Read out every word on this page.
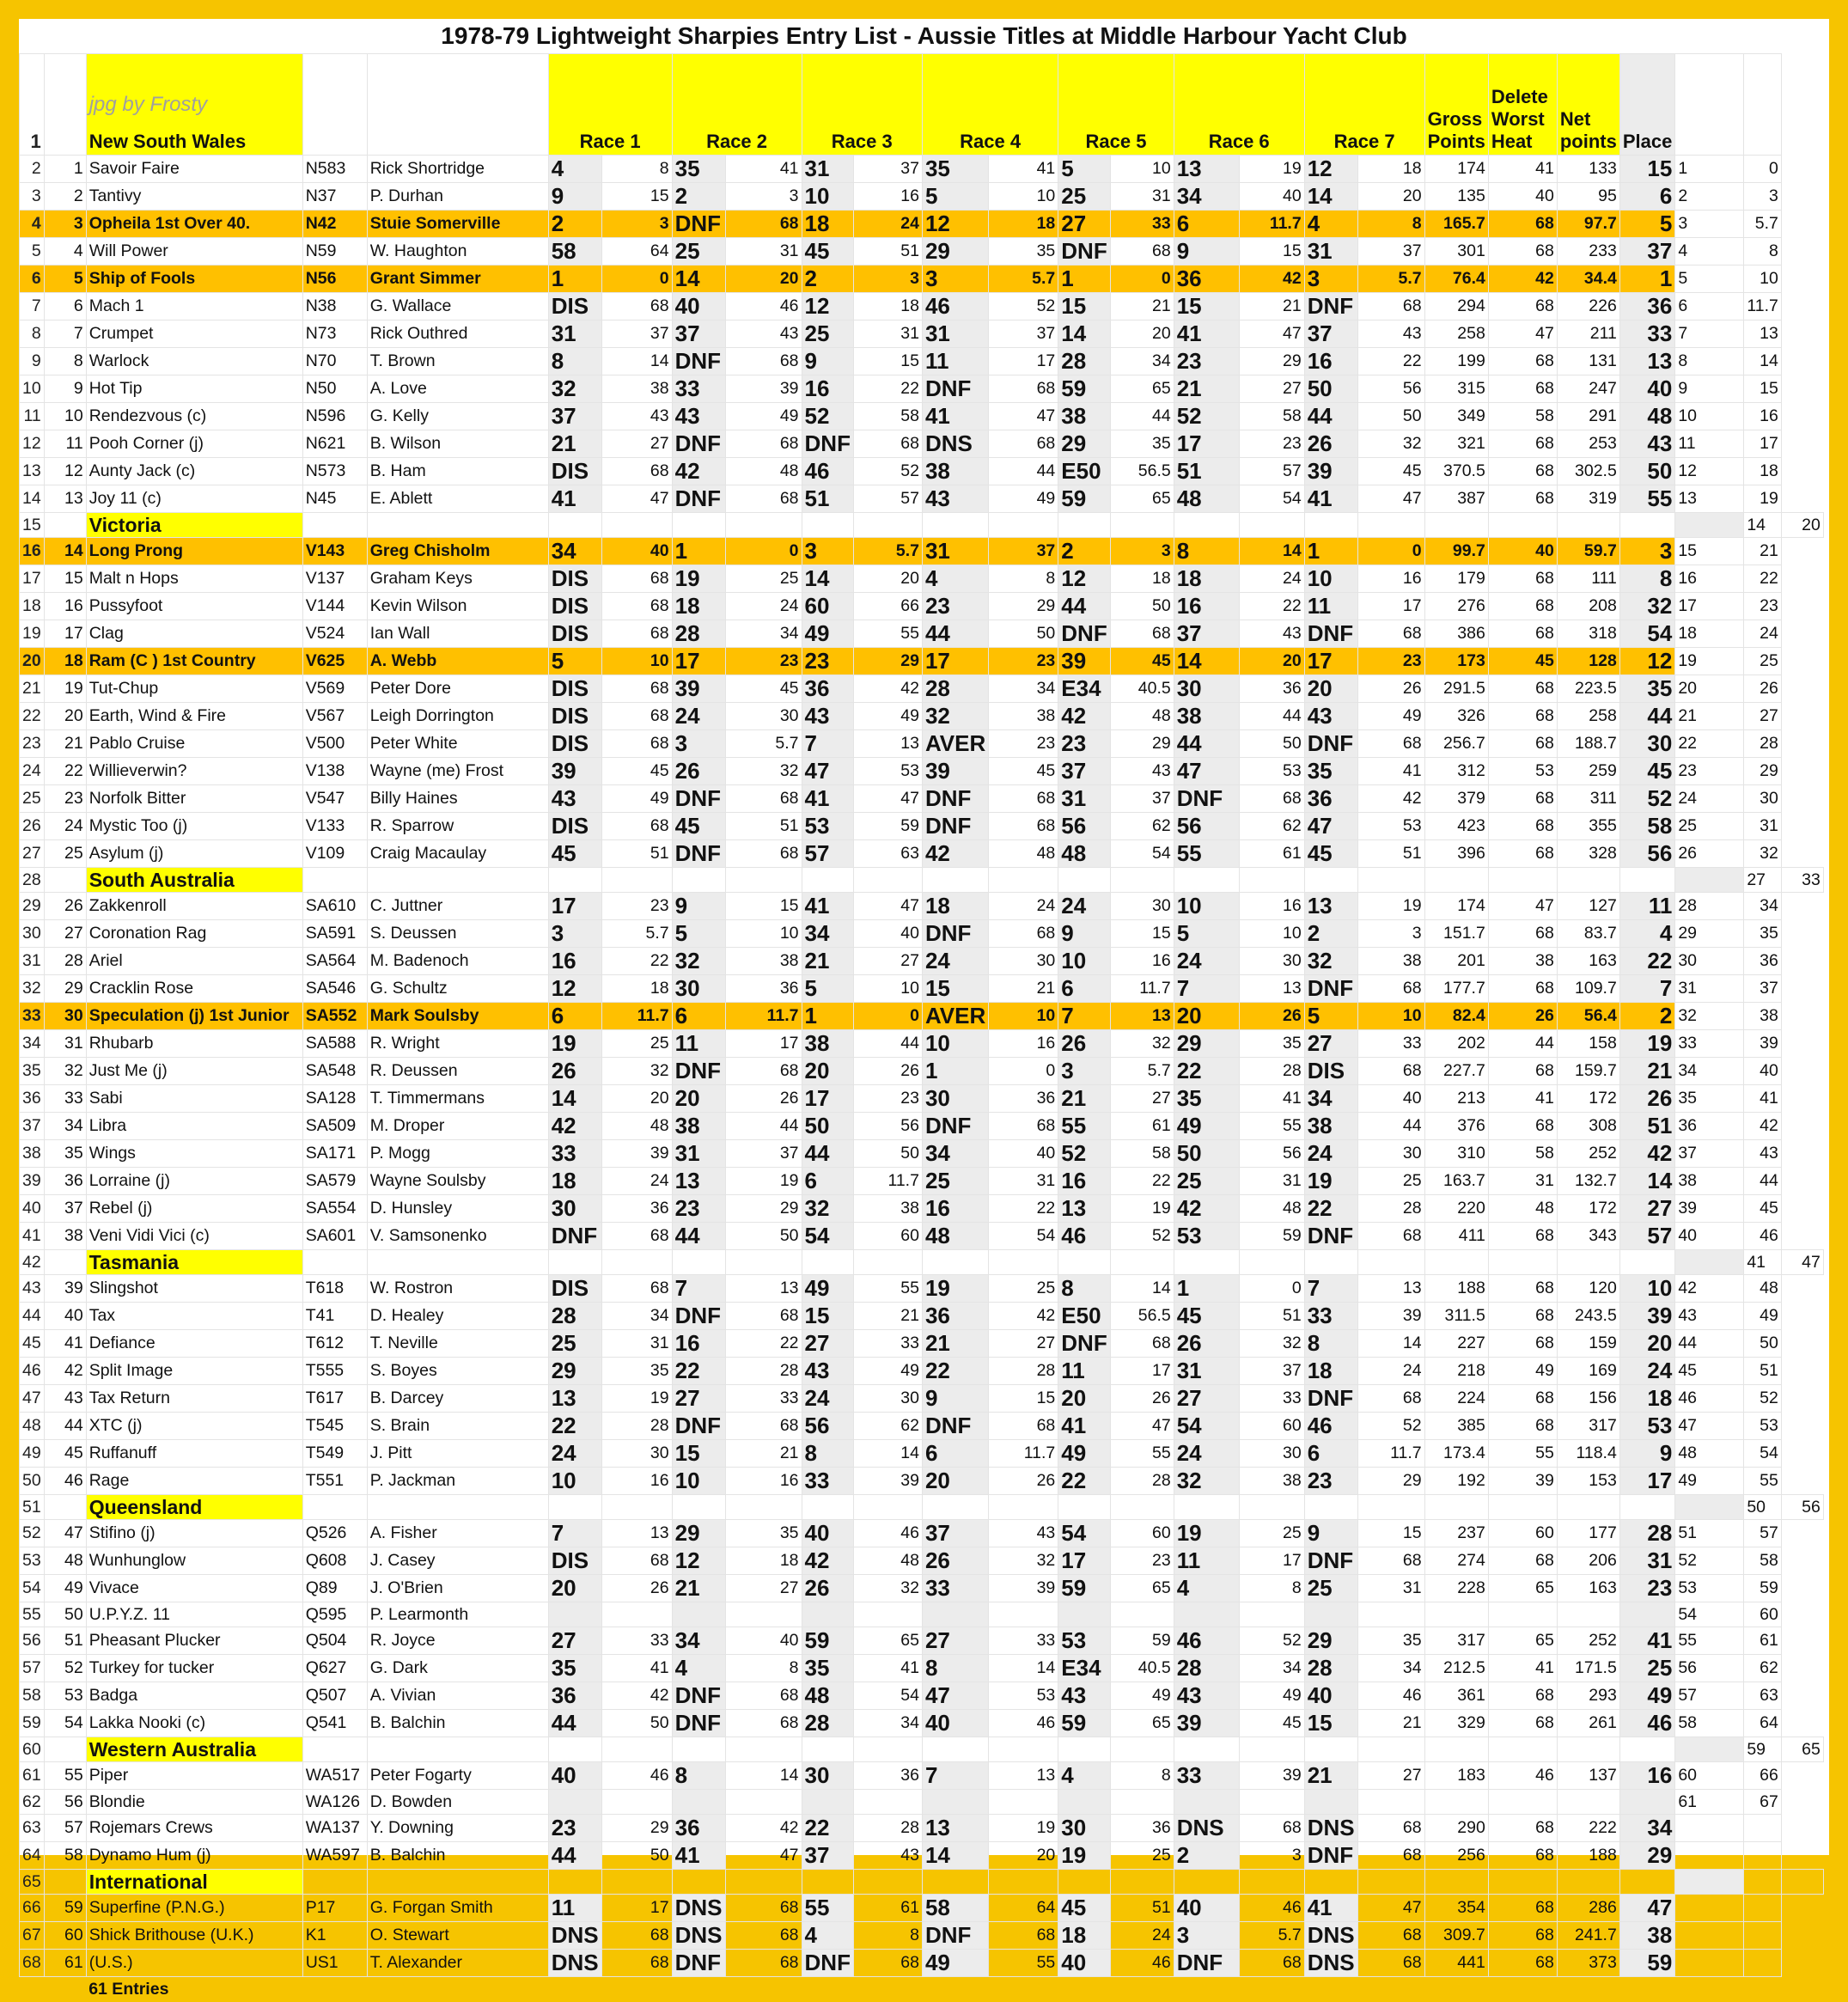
1978-79 Lightweight Sharpies Entry List - Aussie Titles at Middle Harbour Yacht Club
1		jpg by Frosty
New South Wales			Race 1		Race 2		Race 3		Race 4		Race 5		Race 6		Race 7		Gross Points	Delete Worst Heat	Net points	Place			
2	1	Savoir Faire	N583	Rick Shortridge	4	8	35	41	31	37	35	41	5	10	13	19	12	18	174	41	133	15	1	0	
3	2	Tantivy	N37	P. Durhan	9	15	2	3	10	16	5	10	25	31	34	40	14	20	135	40	95	6	2	3	
4	3	Opheila 1st Over 40.	N42	Stuie Somerville	2	3	DNF	68	18	24	12	18	27	33	6	11.7	4	8	165.7	68	97.7	5	3	5.7	
5	4	Will Power	N59	W. Haughton	58	64	25	31	45	51	29	35	DNF	68	9	15	31	37	301	68	233	37	4	8	
6	5	Ship of Fools	N56	Grant Simmer	1	0	14	20	2	3	3	5.7	1	0	36	42	3	5.7	76.4	42	34.4	1	5	10	
7	6	Mach 1	N38	G. Wallace	DIS	68	40	46	12	18	46	52	15	21	15	21	DNF	68	294	68	226	36	6	11.7	
8	7	Crumpet	N73	Rick Outhred	31	37	37	43	25	31	31	37	14	20	41	47	37	43	258	47	211	33	7	13	
9	8	Warlock	N70	T. Brown	8	14	DNF	68	9	15	11	17	28	34	23	29	16	22	199	68	131	13	8	14	
10	9	Hot Tip	N50	A. Love	32	38	33	39	16	22	DNF	68	59	65	21	27	50	56	315	68	247	40	9	15	
11	10	Rendezvous (c)	N596	G. Kelly	37	43	43	49	52	58	41	47	38	44	52	58	44	50	349	58	291	48	10	16	
12	11	Pooh Corner (j)	N621	B. Wilson	21	27	DNF	68	DNF	68	DNS	68	29	35	17	23	26	32	321	68	253	43	11	17	
13	12	Aunty Jack (c)	N573	B. Ham	DIS	68	42	48	46	52	38	44	E50	56.5	51	57	39	45	370.5	68	302.5	50	12	18	
14	13	Joy 11 (c)	N45	E. Ablett	41	47	DNF	68	51	57	43	49	59	65	48	54	41	47	387	68	319	55	13	19	
15		Victoria																						14	20
16	14	Long Prong	V143	Greg Chisholm	34	40	1	0	3	5.7	31	37	2	3	8	14	1	0	99.7	40	59.7	3	15	21	
17	15	Malt n Hops	V137	Graham Keys	DIS	68	19	25	14	20	4	8	12	18	18	24	10	16	179	68	111	8	16	22	
18	16	Pussyfoot	V144	Kevin Wilson	DIS	68	18	24	60	66	23	29	44	50	16	22	11	17	276	68	208	32	17	23	
19	17	Clag	V524	Ian Wall	DIS	68	28	34	49	55	44	50	DNF	68	37	43	DNF	68	386	68	318	54	18	24	
20	18	Ram (C ) 1st Country	V625	A. Webb	5	10	17	23	23	29	17	23	39	45	14	20	17	23	173	45	128	12	19	25	
21	19	Tut-Chup	V569	Peter Dore	DIS	68	39	45	36	42	28	34	E34	40.5	30	36	20	26	291.5	68	223.5	35	20	26	
22	20	Earth, Wind & Fire	V567	Leigh Dorrington	DIS	68	24	30	43	49	32	38	42	48	38	44	43	49	326	68	258	44	21	27	
23	21	Pablo Cruise	V500	Peter White	DIS	68	3	5.7	7	13	AVER	23	23	29	44	50	DNF	68	256.7	68	188.7	30	22	28	
24	22	Willieverwin?	V138	Wayne (me) Frost	39	45	26	32	47	53	39	45	37	43	47	53	35	41	312	53	259	45	23	29	
25	23	Norfolk Bitter	V547	Billy Haines	43	49	DNF	68	41	47	DNF	68	31	37	DNF	68	36	42	379	68	311	52	24	30	
26	24	Mystic Too (j)	V133	R. Sparrow	DIS	68	45	51	53	59	DNF	68	56	62	56	62	47	53	423	68	355	58	25	31	
27	25	Asylum (j)	V109	Craig Macaulay	45	51	DNF	68	57	63	42	48	48	54	55	61	45	51	396	68	328	56	26	32	
28		South Australia																						27	33
29	26	Zakkenroll	SA610	C. Juttner	17	23	9	15	41	47	18	24	24	30	10	16	13	19	174	47	127	11	28	34	
30	27	Coronation Rag	SA591	S. Deussen	3	5.7	5	10	34	40	DNF	68	9	15	5	10	2	3	151.7	68	83.7	4	29	35	
31	28	Ariel	SA564	M. Badenoch	16	22	32	38	21	27	24	30	10	16	24	30	32	38	201	38	163	22	30	36	
32	29	Cracklin Rose	SA546	G. Schultz	12	18	30	36	5	10	15	21	6	11.7	7	13	DNF	68	177.7	68	109.7	7	31	37	
33	30	Speculation (j) 1st Junior	SA552	Mark Soulsby	6	11.7	6	11.7	1	0	AVER	10	7	13	20	26	5	10	82.4	26	56.4	2	32	38	
34	31	Rhubarb	SA588	R. Wright	19	25	11	17	38	44	10	16	26	32	29	35	27	33	202	44	158	19	33	39	
35	32	Just Me (j)	SA548	R. Deussen	26	32	DNF	68	20	26	1	0	3	5.7	22	28	DIS	68	227.7	68	159.7	21	34	40	
36	33	Sabi	SA128	T. Timmermans	14	20	20	26	17	23	30	36	21	27	35	41	34	40	213	41	172	26	35	41	
37	34	Libra	SA509	M. Droper	42	48	38	44	50	56	DNF	68	55	61	49	55	38	44	376	68	308	51	36	42	
38	35	Wings	SA171	P. Mogg	33	39	31	37	44	50	34	40	52	58	50	56	24	30	310	58	252	42	37	43	
39	36	Lorraine (j)	SA579	Wayne Soulsby	18	24	13	19	6	11.7	25	31	16	22	25	31	19	25	163.7	31	132.7	14	38	44	
40	37	Rebel (j)	SA554	D. Hunsley	30	36	23	29	32	38	16	22	13	19	42	48	22	28	220	48	172	27	39	45	
41	38	Veni Vidi Vici (c)	SA601	V. Samsonenko	DNF	68	44	50	54	60	48	54	46	52	53	59	DNF	68	411	68	343	57	40	46	
42		Tasmania																						41	47
43	39	Slingshot	T618	W. Rostron	DIS	68	7	13	49	55	19	25	8	14	1	0	7	13	188	68	120	10	42	48	
44	40	Tax	T41	D. Healey	28	34	DNF	68	15	21	36	42	E50	56.5	45	51	33	39	311.5	68	243.5	39	43	49	
45	41	Defiance	T612	T. Neville	25	31	16	22	27	33	21	27	DNF	68	26	32	8	14	227	68	159	20	44	50	
46	42	Split Image	T555	S. Boyes	29	35	22	28	43	49	22	28	11	17	31	37	18	24	218	49	169	24	45	51	
47	43	Tax Return	T617	B. Darcey	13	19	27	33	24	30	9	15	20	26	27	33	DNF	68	224	68	156	18	46	52	
48	44	XTC (j)	T545	S. Brain	22	28	DNF	68	56	62	DNF	68	41	47	54	60	46	52	385	68	317	53	47	53	
49	45	Ruffanuff	T549	J. Pitt	24	30	15	21	8	14	6	11.7	49	55	24	30	6	11.7	173.4	55	118.4	9	48	54	
50	46	Rage	T551	P. Jackman	10	16	10	16	33	39	20	26	22	28	32	38	23	29	192	39	153	17	49	55	
51		Queensland																						50	56
52	47	Stifino (j)	Q526	A. Fisher	7	13	29	35	40	46	37	43	54	60	19	25	9	15	237	60	177	28	51	57	
53	48	Wunhunglow	Q608	J. Casey	DIS	68	12	18	42	48	26	32	17	23	11	17	DNF	68	274	68	206	31	52	58	
54	49	Vivace	Q89	J. O'Brien	20	26	21	27	26	32	33	39	59	65	4	8	25	31	228	65	163	23	53	59	
55	50	U.P.Y.Z. 11	Q595	P. Learmonth																			54	60	
56	51	Pheasant Plucker	Q504	R. Joyce	27	33	34	40	59	65	27	33	53	59	46	52	29	35	317	65	252	41	55	61	
57	52	Turkey for tucker	Q627	G. Dark	35	41	4	8	35	41	8	14	E34	40.5	28	34	28	34	212.5	41	171.5	25	56	62	
58	53	Badga	Q507	A. Vivian	36	42	DNF	68	48	54	47	53	43	49	43	49	40	46	361	68	293	49	57	63	
59	54	Lakka Nooki (c)	Q541	B. Balchin	44	50	DNF	68	28	34	40	46	59	65	39	45	15	21	329	68	261	46	58	64	
60		Western Australia																						59	65
61	55	Piper	WA517	Peter Fogarty	40	46	8	14	30	36	7	13	4	8	33	39	21	27	183	46	137	16	60	66	
62	56	Blondie	WA126	D. Bowden																			61	67	
63	57	Rojemars Crews	WA137	Y. Downing	23	29	36	42	22	28	13	19	30	36	DNS	68	DNS	68	290	68	222	34			
64	58	Dynamo Hum (j)	WA597	B. Balchin	44	50	41	47	37	43	14	20	19	25	2	3	DNF	68	256	68	188	29			
65		International																							
66	59	Superfine (P.N.G.)	P17	G. Forgan Smith	11	17	DNS	68	55	61	58	64	45	51	40	46	41	47	354	68	286	47			
67	60	Shick Brithouse (U.K.)	K1	O. Stewart	DNS	68	DNS	68	4	8	DNF	68	18	24	3	5.7	DNS	68	309.7	68	241.7	38			
68	61	(U.S.)	US1	T. Alexander	DNS	68	DNF	68	DNF	68	49	55	40	46	DNF	68	DNS	68	441	68	373	59			
		61 Entries																							
